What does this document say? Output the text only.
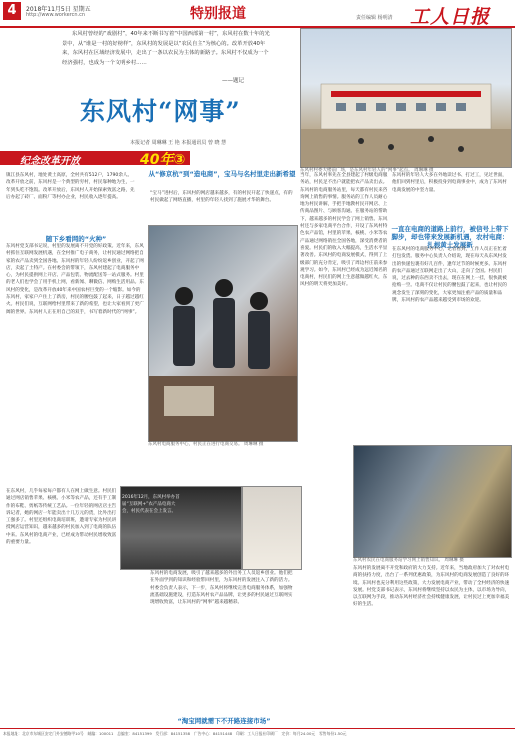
4	2018年11月5日 星期五
http://www.workercn.cn	特别报道	责任编辑 杨明清 工人日报
东风村曾经的“戏剧村”，40年来不断书写着“中国西部第一村”，东风村在数十年的光景中，从“谁是一村的好榜样”，东风村的发展是以“农民自主”为核心的。改革开放40年来，东风村在区域经济发展中，走出了一条以农民为主体的新路子。东风村不仅成为一个经济强村，也成为一个文明乡村……
——题记
东风村“网事”
本报记者 周琳琳 王 艳 本报通讯员 曾 晓 慧
纪念改革开放	40年③
东风村村委大楼前广场，是东风村年轻人的“网事”起点。 周琳琳 摄
东风村电商服务中心，村民正在进行电商交易。 周琳琳 摄
2016年12月，东风村举办首届“互联网+”农产品电商大会，村民代表在会上发言。
东风村农民在电商服务站学习网上销售知识。 周琳琳 摄
随下乡看网的“火种”
从“修京杭”到“造电商”，宝马与名村里走出新希望
一直在电商的道路上前行，被信号上带下脚步，却也带来发展新机遇，农村电商：扎根黄土发展新
“淘宝网就需下不开路连接市场”
镇江县东风村，地处黄土高原，全村共有512户，1790余人。改革开放之前，东风村是一个典型的穷村，村民靠种地为生，一年到头吃不饱饭。改革开放后，东风村人开始探索致富之路，先后办起了砖厂、面粉厂等村办企业，村民收入逐年提高。
东风村党支部书记说，村里的发展离不开党的好政策。近年来，东风村抓住互联网发展机遇，在全村推广电子商务，让村民通过网络把自家的农产品卖到全国各地。东风村的年轻人纷纷返乡创业，开起了网店，卖起了土特产。在村委会的带领下，东风村建起了电商服务中心，为村民提供网上开店、产品包装、物流配送等一站式服务。村里的老人们也学会了用手机上网，看新闻、聊微信、网购生活用品。东风村的变化，是改革开放40年来中国农村巨变的一个缩影。如今的东风村，家家户户住上了新房，村民的腰包鼓了起来，日子越过越红火。村民们说，互联网给村里带来了新的希望，也让大家看到了更广阔的世界。东风村人正在用自己的双手，书写着新时代的“网事”。
在东风村，几乎每家每户都有人在网上做生意。村民们通过网店销售苹果、核桃、小米等农产品，还有手工制作的布鞋、剪纸等传统工艺品。一位年轻的网店店主告诉记者，她的网店一年能卖出十几万元的货，比外出打工强多了。村里还组织电商培训班，邀请专家为村民讲授网店运营知识，越来越多的村民加入到了电商的队伍中来。东风村的电商产业，已经成为带动村民增收致富的重要力量。
“宝马”进村后，东风村的网店越来越多，有的村民开起了快递点，有的村民做起了网络直播，村里的年轻人找到了施展才华的舞台。
东风村的电商发展，吸引了越来越多的外出务工人员返乡创业。他们把在外面学到的知识和经验带回村里，为东风村的发展注入了新的活力。村委会负责人表示，下一步，东风村将继续完善电商服务体系，加强物流基础设施建设，打造东风村农产品品牌，让更多的村民通过互联网实现增收致富，让东风村的“网事”越来越精彩。
当年，东风村率先在全县建起了村级电商服务站，村民足不出户就能把农产品卖出去。东风村的电商服务站里，每天都有村民来咨询网上销售的事情。服务站的工作人员耐心地为村民讲解，手把手地教村民开网店、上传商品图片、与顾客沟通。在服务站的帮助下，越来越多的村民学会了网上销售。东风村还与多家电商平台合作，开设了东风村特色农产品馆，村里的苹果、核桃、小米等农产品通过网络销往全国各地，深受消费者的喜爱。村民们的收入大幅提高，生活水平显著改善。东风村的电商发展模式，得到了上级部门的充分肯定，吸引了周边村庄前来参观学习。如今，东风村已经成为远近闻名的电商村，村民们的网上生意越做越红火，东风村的明天将更加美好。
东风村的年轻人大多在外地读过书、打过工，见过世面，他们回到村里后，积极投身到电商事业中，成为了东风村电商发展的中坚力量。
在东风村的电商服务中心，记者看到，工作人员正在忙着打包发货。服务中心负责人介绍说，现在每天从东风村发出的快递包裹有好几百件，逢年过节的时候更多。东风村的农产品通过互联网走出了大山，走向了全国。村民们说，过去种的东西卖不出去，现在在网上一挂，很快就被抢购一空。电商不仅让村民的腰包鼓了起来，也让村民的观念发生了深刻的变化，大家更加注重产品的质量和品牌，东风村的农产品越来越受到市场的欢迎。
东风村的发展离不开党和政府的大力支持。近年来，当地政府加大了对农村电商的扶持力度，出台了一系列优惠政策，为东风村的电商发展创造了良好的环境。东风村也充分利用这些政策，大力发展电商产业，带动了全村经济的快速发展。村党支部书记表示，东风村将继续坚持以农民为主体，以市场为导向，以互联网为手段，推动东风村经济社会持续健康发展，让村民过上更加幸福美好的生活。
本报地址：北京市东城区安定门外安德路甲10号　邮编：100011　总编室：84151399　发行部：84151358　广告中心：84151448　印刷：工人日报社印刷厂　定价：每月24.00元　零售每份1.50元
